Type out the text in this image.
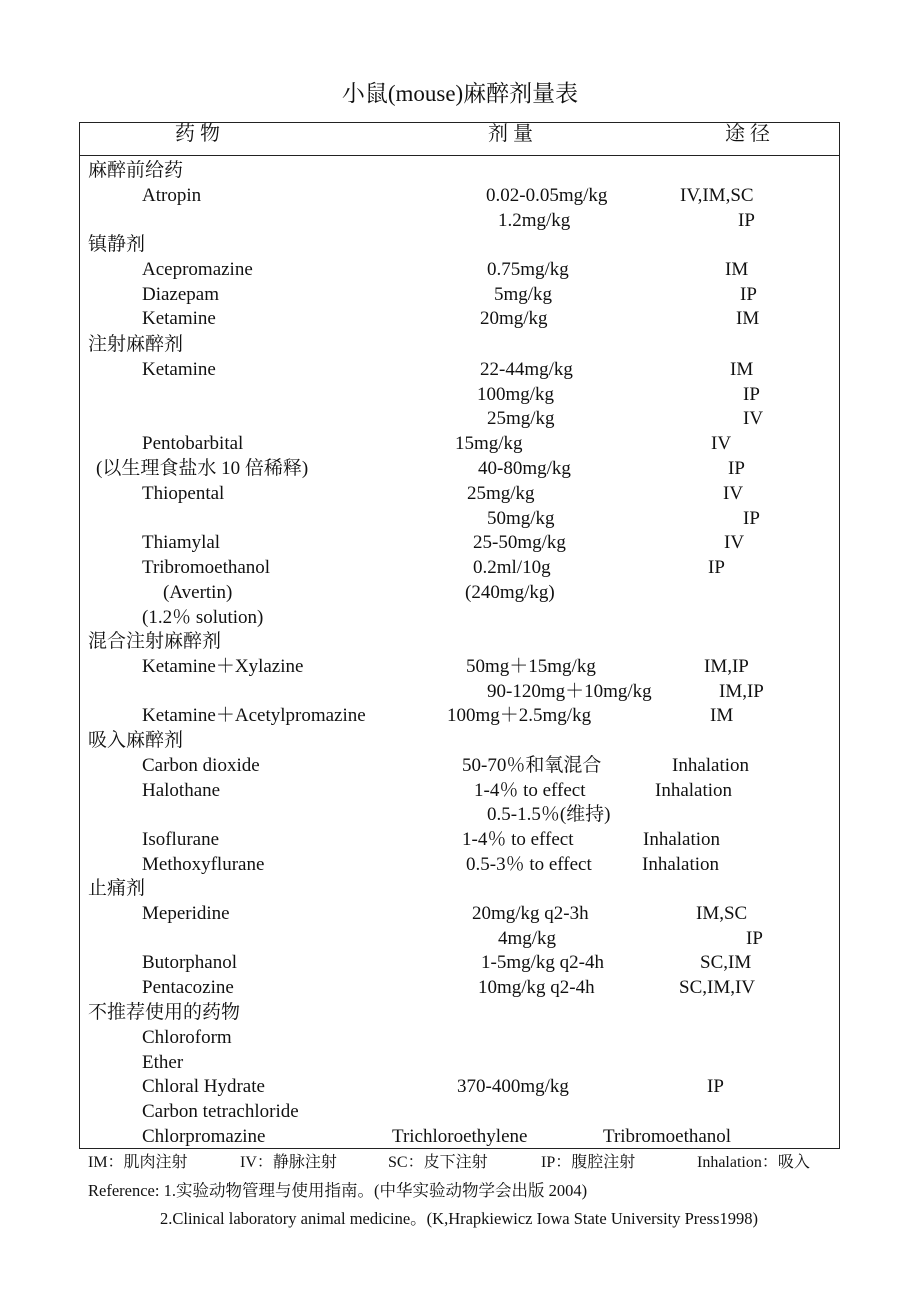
小鼠(mouse)麻醉剂量表
药 物	剂 量	途 径
麻醉前给药
Atropin	0.02-0.05mg/kg	IV,IM,SC
1.2mg/kg	IP
镇静剂
Acepromazine	0.75mg/kg	IM
Diazepam	5mg/kg	IP
Ketamine	20mg/kg	IM
注射麻醉剂
Ketamine	22-44mg/kg	IM
100mg/kg	IP
25mg/kg	IV
Pentobarbital	15mg/kg	IV
(以生理食盐水 10 倍稀释)	40-80mg/kg	IP
Thiopental	25mg/kg	IV
50mg/kg	IP
Thiamylal	25-50mg/kg	IV
Tribromoethanol	0.2ml/10g	IP
(Avertin)	(240mg/kg)
(1.2％ solution)
混合注射麻醉剂
Ketamine＋Xylazine	50mg＋15mg/kg	IM,IP
90-120mg＋10mg/kg	IM,IP
Ketamine＋Acetylpromazine	100mg＋2.5mg/kg	IM
吸入麻醉剂
Carbon dioxide	50-70％和氧混合	Inhalation
Halothane	1-4％ to effect	Inhalation
0.5-1.5％(维持)
Isoflurane	1-4％ to effect	Inhalation
Methoxyflurane	0.5-3％ to effect	Inhalation
止痛剂
Meperidine	20mg/kg q2-3h	IM,SC
4mg/kg	IP
Butorphanol	1-5mg/kg q2-4h	SC,IM
Pentacozine	10mg/kg q2-4h	SC,IM,IV
不推荐使用的药物
Chloroform
Ether
Chloral Hydrate	370-400mg/kg	IP
Carbon tetrachloride
Chlorpromazine	Trichloroethylene	Tribromoethanol
IM：肌肉注射	IV：静脉注射	SC：皮下注射	IP：腹腔注射	Inhalation：吸入
Reference: 1.实验动物管理与使用指南。(中华实验动物学会出版 2004)
2.Clinical laboratory animal medicine。(K,Hrapkiewicz Iowa State University Press1998)
